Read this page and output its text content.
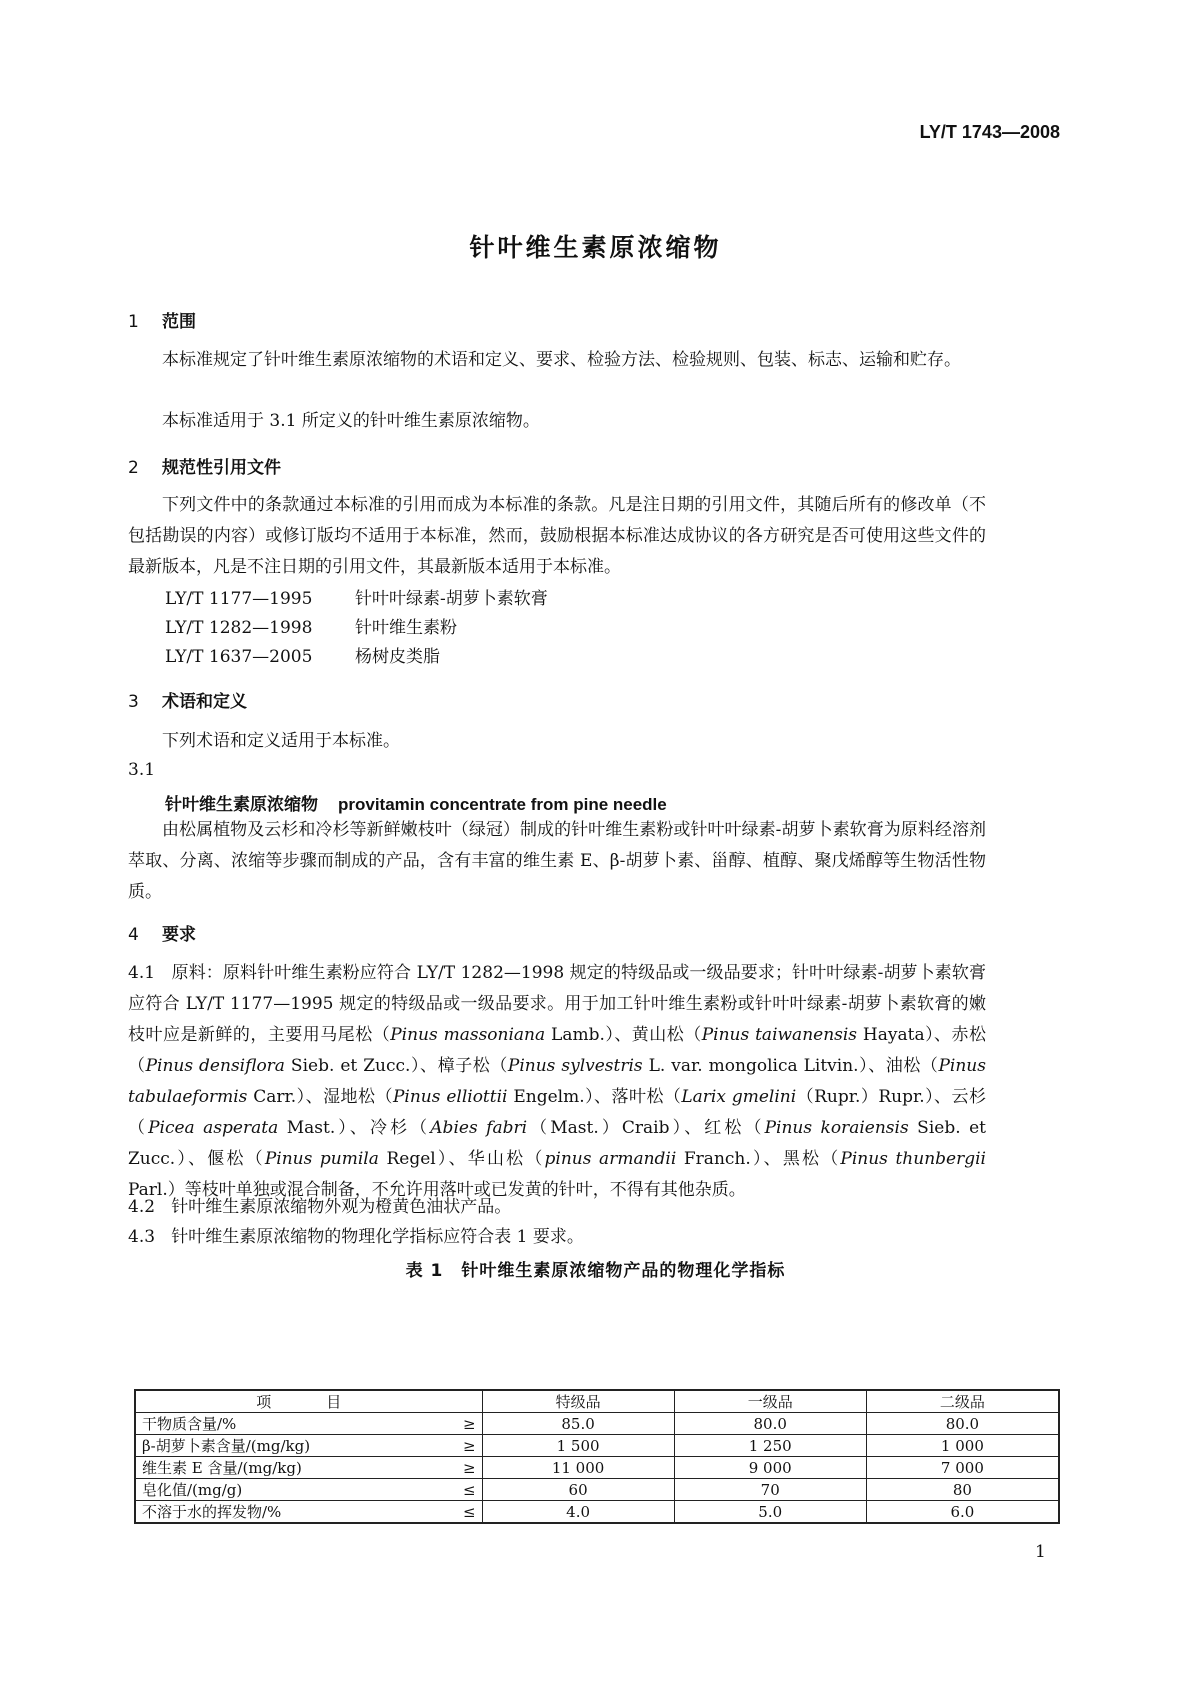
LY/T 1743—2008
针叶维生素原浓缩物
1 范围
本标准规定了针叶维生素原浓缩物的术语和定义、要求、检验方法、检验规则、包装、标志、运输和贮存。
本标准适用于 3.1 所定义的针叶维生素原浓缩物。
2 规范性引用文件
下列文件中的条款通过本标准的引用而成为本标准的条款。凡是注日期的引用文件，其随后所有的修改单（不包括勘误的内容）或修订版均不适用于本标准，然而，鼓励根据本标准达成协议的各方研究是否可使用这些文件的最新版本，凡是不注日期的引用文件，其最新版本适用于本标准。
LY/T 1177—1995	针叶叶绿素-胡萝卜素软膏
LY/T 1282—1998	针叶维生素粉
LY/T 1637—2005	杨树皮类脂
3 术语和定义
下列术语和定义适用于本标准。
3.1
针叶维生素原浓缩物 provitamin concentrate from pine needle
由松属植物及云杉和冷杉等新鲜嫩枝叶（绿冠）制成的针叶维生素粉或针叶叶绿素-胡萝卜素软膏为原料经溶剂萃取、分离、浓缩等步骤而制成的产品，含有丰富的维生素 E、β-胡萝卜素、甾醇、植醇、聚戊烯醇等生物活性物质。
4 要求
4.1 原料：原料针叶维生素粉应符合 LY/T 1282—1998 规定的特级品或一级品要求；针叶叶绿素-胡萝卜素软膏应符合 LY/T 1177—1995 规定的特级品或一级品要求。用于加工针叶维生素粉或针叶叶绿素-胡萝卜素软膏的嫩枝叶应是新鲜的，主要用马尾松（Pinus massoniana Lamb.）、黄山松（Pinus taiwanensis Hayata）、赤松（Pinus densiflora Sieb. et Zucc.）、樟子松（Pinus sylvestris L. var. mongolica Litvin.）、油松（Pinus tabulaeformis Carr.）、湿地松（Pinus elliottii Engelm.）、落叶松（Larix gmelini（Rupr.）Rupr.）、云杉（Picea asperata Mast.）、冷杉（Abies fabri（Mast.）Craib）、红松（Pinus koraiensis Sieb. et Zucc.）、偃松（Pinus pumila Regel）、华山松（pinus armandii Franch.）、黑松（Pinus thunbergii Parl.）等枝叶单独或混合制备，不允许用落叶或已发黄的针叶，不得有其他杂质。
4.2 针叶维生素原浓缩物外观为橙黄色油状产品。
4.3 针叶维生素原浓缩物的物理化学指标应符合表 1 要求。
表 1　针叶维生素原浓缩物产品的物理化学指标
项　目		特级品	一级品	二级品
干物质含量/%	≥	85.0	80.0	80.0
β-胡萝卜素含量/(mg/kg)	≥	1 500	1 250	1 000
维生素 E 含量/(mg/kg)	≥	11 000	9 000	7 000
皂化值/(mg/g)	≤	60	70	80
不溶于水的挥发物/%	≤	4.0	5.0	6.0
1
